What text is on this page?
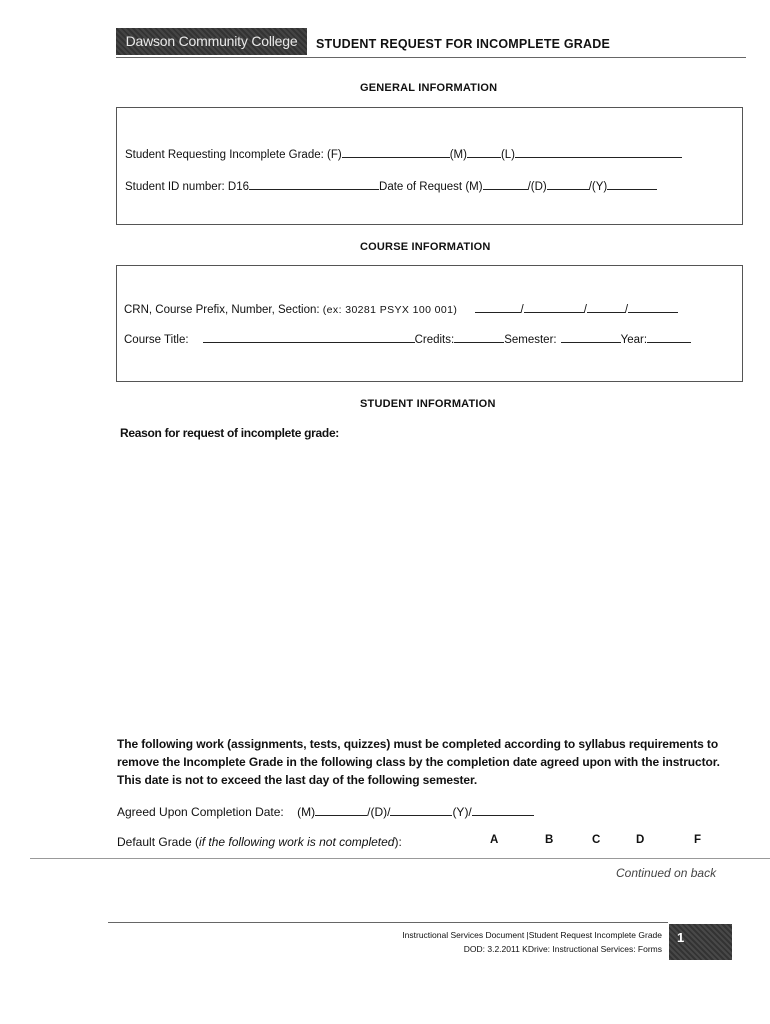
Dawson Community College	STUDENT REQUEST FOR INCOMPLETE GRADE
GENERAL INFORMATION
Student Requesting Incomplete Grade: (F)	(M)	(L)
Student ID number: D16	Date of Request (M)	/(D)	/(Y)
COURSE INFORMATION
CRN, Course Prefix, Number, Section: (ex: 30281 PSYX 100 001)	/	/	/
Course Title:	Credits:	Semester:	Year:
STUDENT INFORMATION
Reason for request of incomplete grade:
The following work (assignments, tests, quizzes) must be completed according to syllabus requirements to remove the Incomplete Grade in the following class by the completion date agreed upon with the instructor. This date is not to exceed the last day of the following semester.
Agreed Upon Completion Date: (M)	/(D)/	(Y)/
Default Grade (if the following work is not completed):	A	B	C	D	F
Continued on back
Instructional Services Document |Student Request Incomplete Grade
DOD: 3.2.2011 KDrive: Instructional Services: Forms
1
